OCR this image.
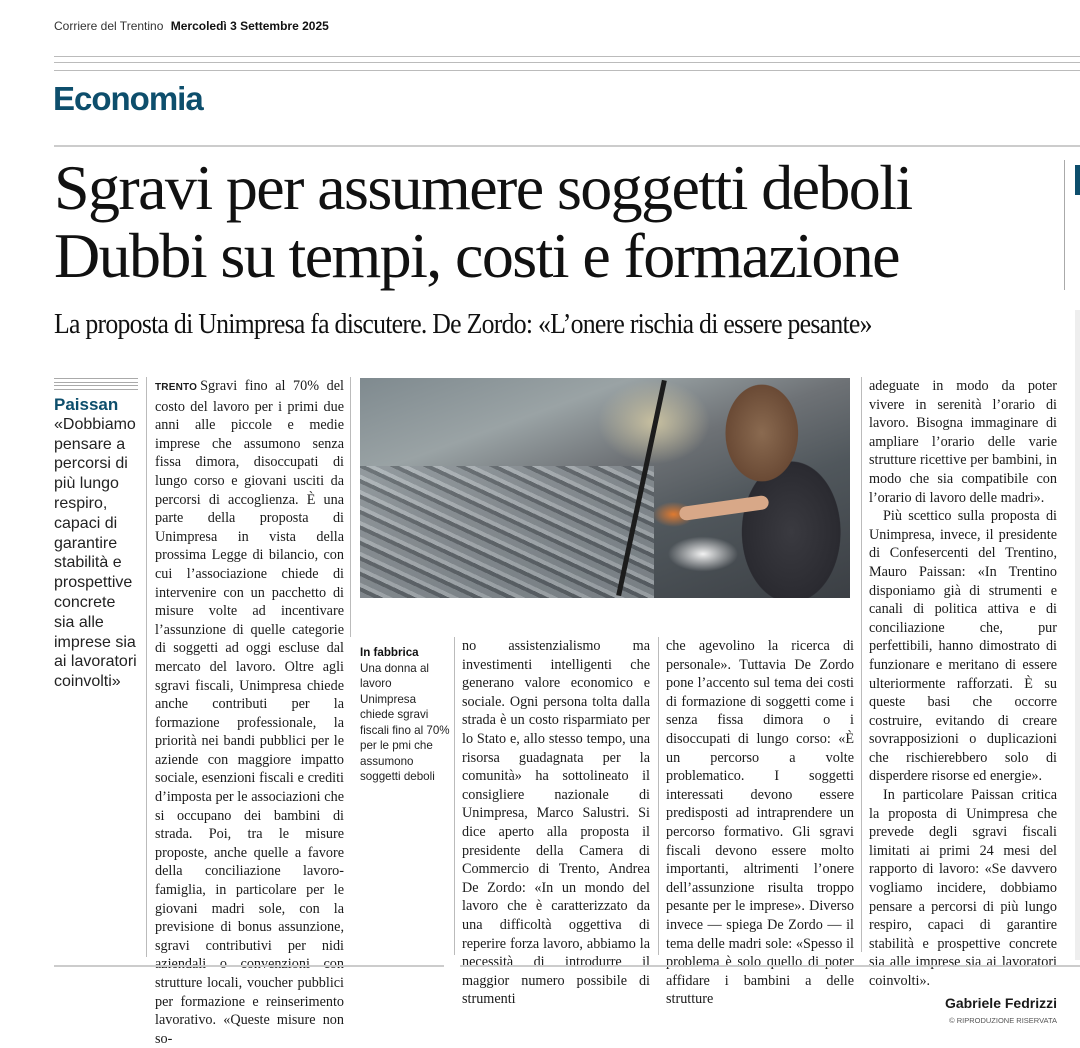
Corriere del Trentino Mercoledì 3 Settembre 2025
Economia
Sgravi per assumere soggetti deboli
Dubbi su tempi, costi e formazione
La proposta di Unimpresa fa discutere. De Zordo: «L’onere rischia di essere pesante»
Paissan
«Dobbiamo pensare a percorsi di più lungo respiro, capaci di garantire stabilità e prospettive concrete sia alle imprese sia ai lavoratori coinvolti»

TRENTO Sgravi fino al 70% del costo del lavoro per i primi due anni alle piccole e medie imprese che assumono senza fissa dimora, disoccupati di lungo corso e giovani usciti da percorsi di accoglienza. È una parte della proposta di Unimpresa in vista della prossima Legge di bilancio, con cui l’associazione chiede di intervenire con un pacchetto di misure volte ad incentivare l’assunzione di quelle categorie di soggetti ad oggi escluse dal mercato del lavoro. Oltre agli sgravi fiscali, Unimpresa chiede anche contributi per la formazione professionale, la priorità nei bandi pubblici per le aziende con maggiore impatto sociale, esenzioni fiscali e crediti d’imposta per le associazioni che si occupano dei bambini di strada. Poi, tra le misure proposte, anche quelle a favore della conciliazione lavoro-famiglia, in particolare per le giovani madri sole, con la previsione di bonus assunzione, sgravi contributivi per nidi aziendali o convenzioni con strutture locali, voucher pubblici per formazione e reinserimento lavorativo. «Queste misure non so-

In fabbrica
Una donna al lavoro Unimpresa chiede sgravi fiscali fino al 70% per le pmi che assumono soggetti deboli

no assistenzialismo ma investimenti intelligenti che generano valore economico e sociale. Ogni persona tolta dalla strada è un costo risparmiato per lo Stato e, allo stesso tempo, una risorsa guadagnata per la comunità» ha sottolineato il consigliere nazionale di Unimpresa, Marco Salustri. Si dice aperto alla proposta il presidente della Camera di Commercio di Trento, Andrea De Zordo: «In un mondo del lavoro che è caratterizzato da una difficoltà oggettiva di reperire forza lavoro, abbiamo la necessità di introdurre il maggior numero possibile di strumenti

che agevolino la ricerca di personale». Tuttavia De Zordo pone l’accento sul tema dei costi di formazione di soggetti come i senza fissa dimora o i disoccupati di lungo corso: «È un percorso a volte problematico. I soggetti interessati devono essere predisposti ad intraprendere un percorso formativo. Gli sgravi fiscali devono essere molto importanti, altrimenti l’onere dell’assunzione risulta troppo pesante per le imprese». Diverso invece — spiega De Zordo — il tema delle madri sole: «Spesso il problema è solo quello di poter affidare i bambini a delle strutture

adeguate in modo da poter vivere in serenità l’orario di lavoro. Bisogna immaginare di ampliare l’orario delle varie strutture ricettive per bambini, in modo che sia compatibile con l’orario di lavoro delle madri».

Più scettico sulla proposta di Unimpresa, invece, il presidente di Confesercenti del Trentino, Mauro Paissan: «In Trentino disponiamo già di strumenti e canali di politica attiva e di conciliazione che, pur perfettibili, hanno dimostrato di funzionare e meritano di essere ulteriormente rafforzati. È su queste basi che occorre costruire, evitando di creare sovrapposizioni o duplicazioni che rischierebbero solo di disperdere risorse ed energie».

In particolare Paissan critica la proposta di Unimpresa che prevede degli sgravi fiscali limitati ai primi 24 mesi del rapporto di lavoro: «Se davvero vogliamo incidere, dobbiamo pensare a percorsi di più lungo respiro, capaci di garantire stabilità e prospettive concrete sia alle imprese sia ai lavoratori coinvolti».

Gabriele Fedrizzi
© RIPRODUZIONE RISERVATA
